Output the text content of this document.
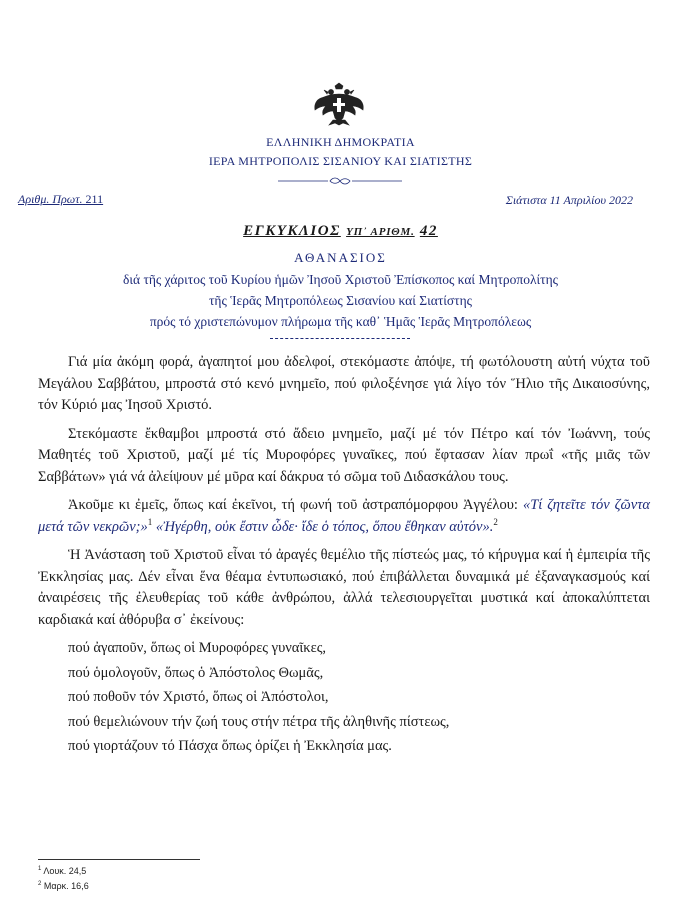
ΕΛΛΗΝΙΚΗ ΔΗΜΟΚΡΑΤΙΑ
ΙΕΡΑ ΜΗΤΡΟΠΟΛΙΣ ΣΙΣΑΝΙΟΥ ΚΑΙ ΣΙΑΤΙΣΤΗΣ
Αριθμ. Πρωτ. 211	Σιάτιστα 11 Απριλίου 2022
ΕΓΚΥΚΛΙΟΣ ΥΠ᾽ ΑΡΙΘΜ. 42
ΑΘΑΝΑΣΙΟΣ
διά τῆς χάριτος τοῦ Κυρίου ἡμῶν Ἰησοῦ Χριστοῦ Ἐπίσκοπος καί Μητροπολίτης
τῆς Ἱερᾶς Μητροπόλεως Σισανίου καί Σιατίστης
πρός τό χριστεπώνυμον πλήρωμα τῆς καθ᾽ Ἡμᾶς Ἱερᾶς Μητροπόλεως

Γιά μία ἀκόμη φορά, ἀγαπητοί μου ἀδελφοί, στεκόμαστε ἀπόψε, τή φωτόλουστη αὐτή νύχτα τοῦ Μεγάλου Σαββάτου, μπροστά στό κενό μνημεῖο, πού φιλοξένησε γιά λίγο τόν Ἥλιο τῆς Δικαιοσύνης, τόν Κύριό μας Ἰησοῦ Χριστό.

Στεκόμαστε ἔκθαμβοι μπροστά στό ἄδειο μνημεῖο, μαζί μέ τόν Πέτρο καί τόν Ἰωάννη, τούς Μαθητές τοῦ Χριστοῦ, μαζί μέ τίς Μυροφόρες γυναῖκες, πού ἔφτασαν λίαν πρωΐ «τῆς μιᾶς τῶν Σαββάτων» γιά νά ἀλείψουν μέ μῦρα καί δάκρυα τό σῶμα τοῦ Διδασκάλου τους.

Ἀκοῦμε κι ἐμεῖς, ὅπως καί ἐκεῖνοι, τή φωνή τοῦ ἀστραπόμορφου Ἀγγέλου: «Τί ζητεῖτε τόν ζῶντα μετά τῶν νεκρῶν;»$^1$ «Ἠγέρθη, οὐκ ἔστιν ὧδε· ἴδε ὁ τόπος, ὅπου ἔθηκαν αὐτόν».$^2$

Ἡ Ἀνάσταση τοῦ Χριστοῦ εἶναι τό ἀραγές θεμέλιο τῆς πίστεώς μας, τό κήρυγμα καί ἡ ἐμπειρία τῆς Ἐκκλησίας μας. Δέν εἶναι ἕνα θέαμα ἐντυπωσιακό, πού ἐπιβάλλεται δυναμικά μέ ἐξαναγκασμούς καί ἀναιρέσεις τῆς ἐλευθερίας τοῦ κάθε ἀνθρώπου, ἀλλά τελεσιουργεῖται μυστικά καί ἀποκαλύπτεται καρδιακά καί ἀθόρυβα σ᾽ ἐκείνους:

πού ἀγαποῦν, ὅπως οἱ Μυροφόρες γυναῖκες,
πού ὁμολογοῦν, ὅπως ὁ Ἀπόστολος Θωμᾶς,
πού ποθοῦν τόν Χριστό, ὅπως οἱ Ἀπόστολοι,
πού θεμελιώνουν τήν ζωή τους στήν πέτρα τῆς ἀληθινῆς πίστεως,
πού γιορτάζουν τό Πάσχα ὅπως ὁρίζει ἡ Ἐκκλησία μας.
$^1$ Λουκ. 24,5
$^2$ Μαρκ. 16,6
